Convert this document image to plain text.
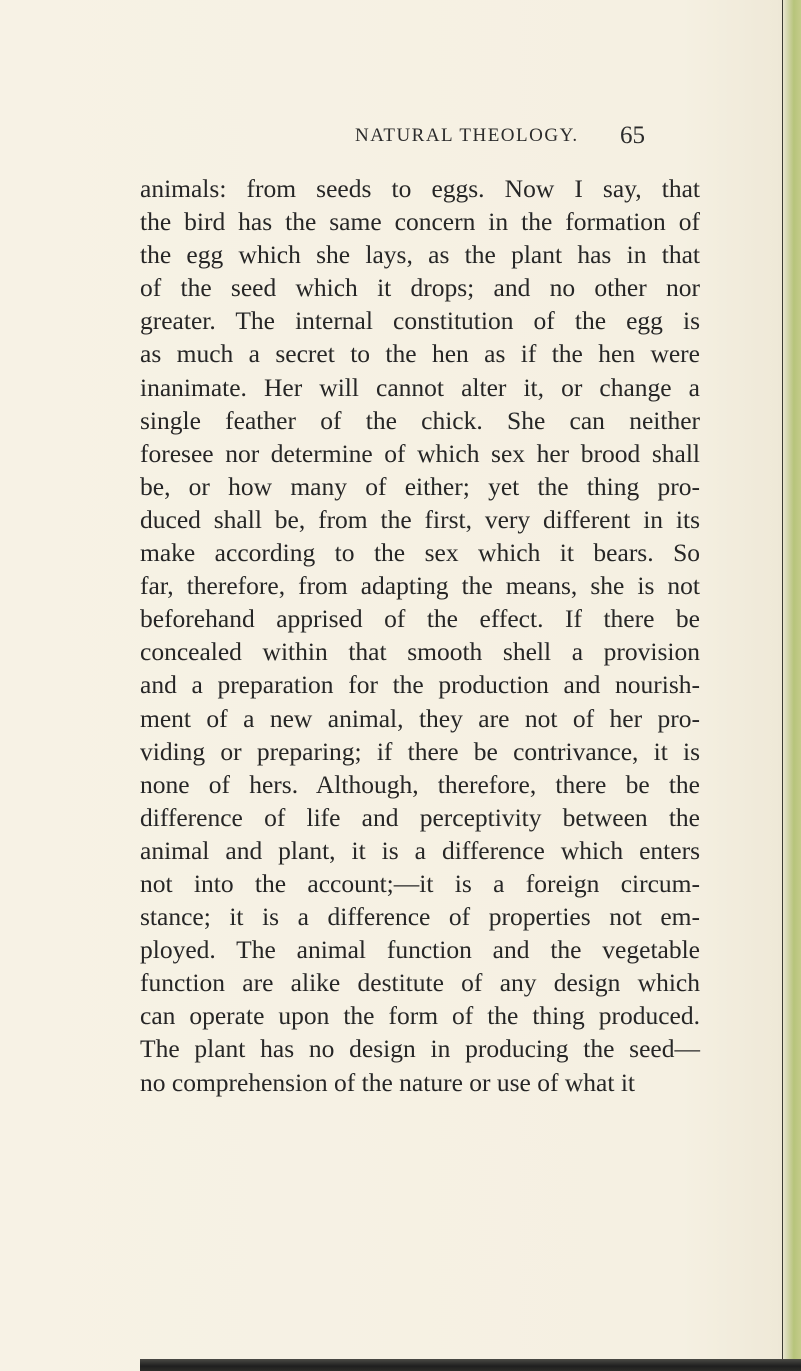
NATURAL THEOLOGY. 65
animals: from seeds to eggs. Now I say, that
the bird has the same concern in the formation of
the egg which she lays, as the plant has in that
of the seed which it drops; and no other nor
greater. The internal constitution of the egg is
as much a secret to the hen as if the hen were
inanimate. Her will cannot alter it, or change a
single feather of the chick. She can neither
foresee nor determine of which sex her brood shall
be, or how many of either; yet the thing pro-
duced shall be, from the first, very different in its
make according to the sex which it bears. So
far, therefore, from adapting the means, she is not
beforehand apprised of the effect. If there be
concealed within that smooth shell a provision
and a preparation for the production and nourish-
ment of a new animal, they are not of her pro-
viding or preparing; if there be contrivance, it is
none of hers. Although, therefore, there be the
difference of life and perceptivity between the
animal and plant, it is a difference which enters
not into the account;—it is a foreign circum-
stance; it is a difference of properties not em-
ployed. The animal function and the vegetable
function are alike destitute of any design which
can operate upon the form of the thing produced.
The plant has no design in producing the seed—
no comprehension of the nature or use of what it
